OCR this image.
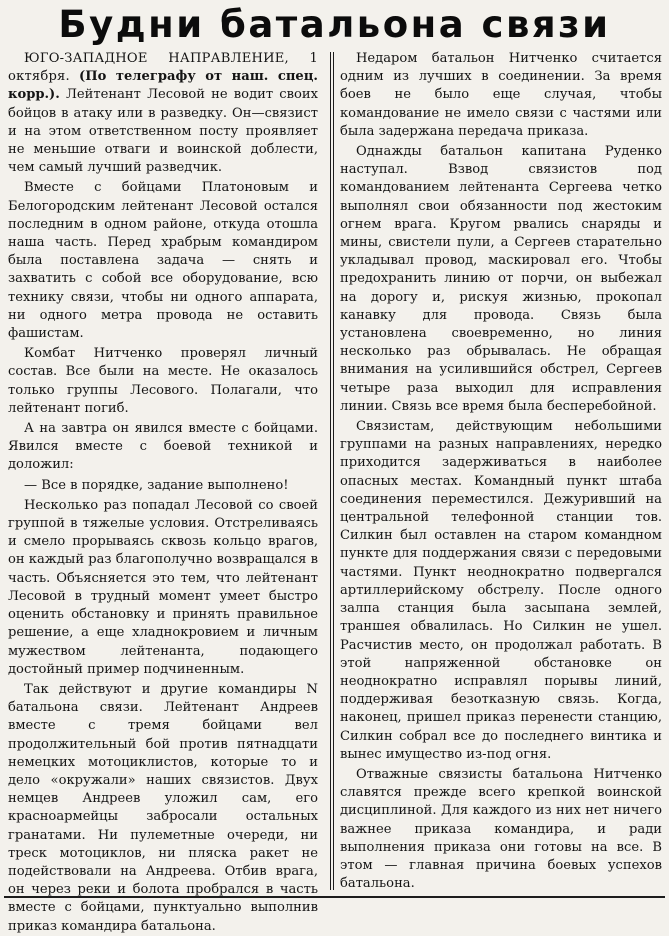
Будни батальона связи

ЮГО-ЗАПАДНОЕ НАПРАВЛЕНИЕ, 1 октября. (По телеграфу от наш. спец. корр.). Лейтенант Лесовой не водит своих бойцов в атаку или в разведку. Он—связист и на этом ответственном посту проявляет не меньшие отваги и воинской доблести, чем самый лучший разведчик.

Вместе с бойцами Платоновым и Белогородским лейтенант Лесовой остался последним в одном районе, откуда отошла наша часть. Перед храбрым командиром была поставлена задача — снять и захватить с собой все оборудование, всю технику связи, чтобы ни одного аппарата, ни одного метра провода не оставить фашистам.

Комбат Нитченко проверял личный состав. Все были на месте. Не оказалось только группы Лесового. Полагали, что лейтенант погиб.

А на завтра он явился вместе с бойцами. Явился вместе с боевой техникой и доложил:

— Все в порядке, задание выполнено!

Несколько раз попадал Лесовой со своей группой в тяжелые условия. Отстреливаясь и смело прорываясь сквозь кольцо врагов, он каждый раз благополучно возвращался в часть. Объясняется это тем, что лейтенант Лесовой в трудный момент умеет быстро оценить обстановку и принять правильное решение, а еще хладнокровием и личным мужеством лейтенанта, подающего достойный пример подчиненным.

Так действуют и другие командиры N батальона связи. Лейтенант Андреев вместе с тремя бойцами вел продолжительный бой против пятнадцати немецких мотоциклистов, которые то и дело «окружали» наших связистов. Двух немцев Андреев уложил сам, его красноармейцы забросали остальных гранатами. Ни пулеметные очереди, ни треск мотоциклов, ни пляска ракет не подействовали на Андреева. Отбив врага, он через реки и болота пробрался в часть вместе с бойцами, пунктуально выполнив приказ командира батальона.

Недаром батальон Нитченко считается одним из лучших в соединении. За время боев не было еще случая, чтобы командование не имело связи с частями или была задержана передача приказа.

Однажды батальон капитана Руденко наступал. Взвод связистов под командованием лейтенанта Сергеева четко выполнял свои обязанности под жестоким огнем врага. Кругом рвались снаряды и мины, свистели пули, а Сергеев старательно укладывал провод, маскировал его. Чтобы предохранить линию от порчи, он выбежал на дорогу и, рискуя жизнью, прокопал канавку для провода. Связь была установлена своевременно, но линия несколько раз обрывалась. Не обращая внимания на усилившийся обстрел, Сергеев четыре раза выходил для исправления линии. Связь все время была бесперебойной.

Связистам, действующим небольшими группами на разных направлениях, нередко приходится задерживаться в наиболее опасных местах. Командный пункт штаба соединения переместился. Дежуривший на центральной телефонной станции тов. Силкин был оставлен на старом командном пункте для поддержания связи с передовыми частями. Пункт неоднократно подвергался артиллерийскому обстрелу. После одного залпа станция была засыпана землей, траншея обвалилась. Но Силкин не ушел. Расчистив место, он продолжал работать. В этой напряженной обстановке он неоднократно исправлял порывы линий, поддерживая безотказную связь. Когда, наконец, пришел приказ перенести станцию, Силкин собрал все до последнего винтика и вынес имущество из-под огня.

Отважные связисты батальона Нитченко славятся прежде всего крепкой воинской дисциплиной. Для каждого из них нет ничего важнее приказа командира, и ради выполнения приказа они готовы на все. В этом — главная причина боевых успехов батальона.
